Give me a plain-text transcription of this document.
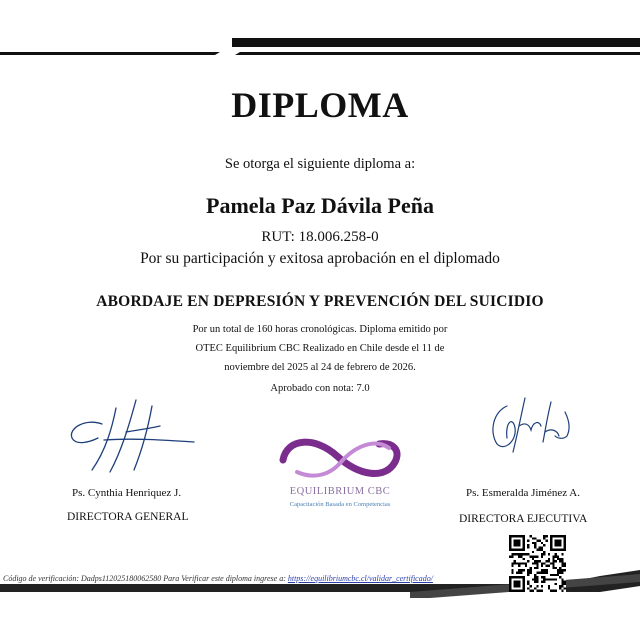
DIPLOMA
Se otorga el siguiente diploma a:
Pamela Paz Dávila Peña
RUT: 18.006.258-0
Por su participación y exitosa aprobación en el diplomado
ABORDAJE EN DEPRESIÓN Y PREVENCIÓN DEL SUICIDIO
Por un total de 160 horas cronológicas. Diploma emitido por
OTEC Equilibrium CBC Realizado en Chile desde el 11 de
noviembre del 2025 al 24 de febrero de 2026.
Aprobado con nota: 7.0
Ps. Cynthia Henriquez J.
DIRECTORA GENERAL
EQUILIBRIUM CBC
Capacitación Basada en Competencias
Ps. Esmeralda Jiménez A.
DIRECTORA EJECUTIVA
Código de verificación: Dadps112025180062580 Para Verificar este diploma ingrese a: https://equilibriumcbc.cl/validar_certificado/
